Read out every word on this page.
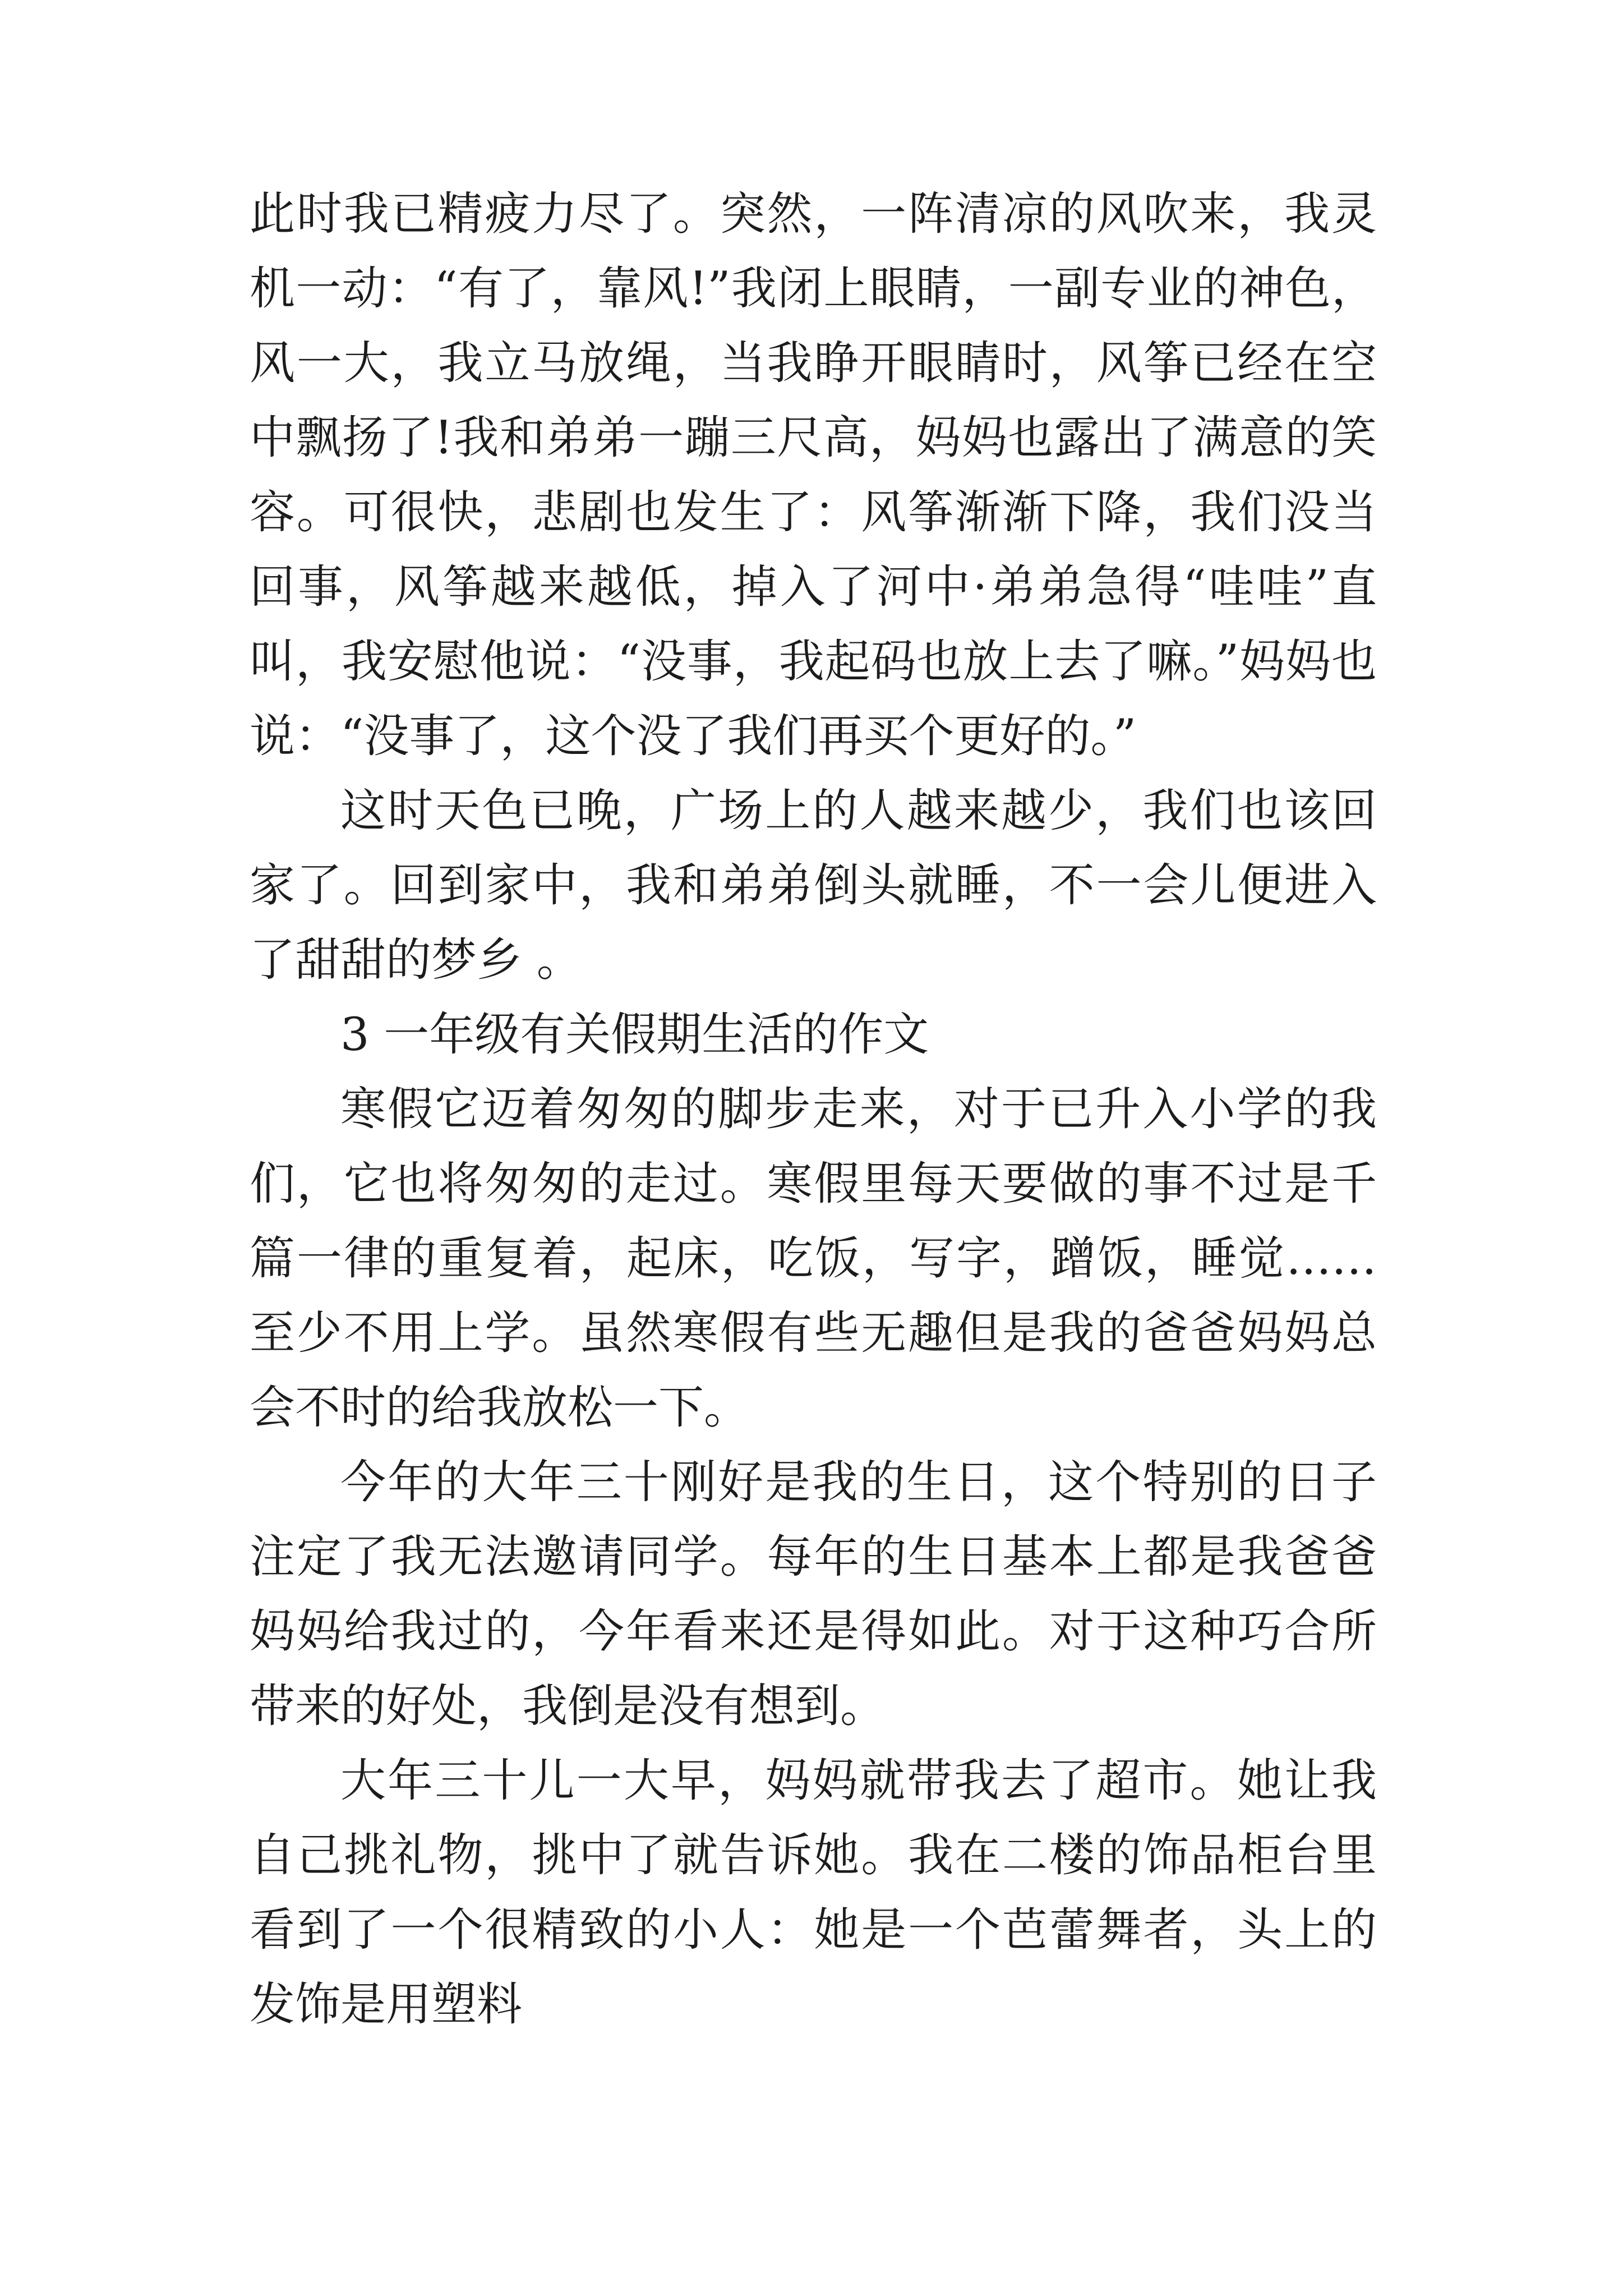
此时我已精疲力尽了。突然，一阵清凉的风吹来，我灵机一动：“有了，靠风!”我闭上眼睛，一副专业的神色，风一大，我立马放绳，当我睁开眼睛时，风筝已经在空中飘扬了!我和弟弟一蹦三尺高，妈妈也露出了满意的笑容。可很快，悲剧也发生了：风筝渐渐下降，我们没当回事，风筝越来越低，掉入了河中·弟弟急得“哇哇”直叫，我安慰他说：“没事，我起码也放上去了嘛。”妈妈也说：“没事了，这个没了我们再买个更好的。”

这时天色已晚，广场上的人越来越少，我们也该回家了。回到家中，我和弟弟倒头就睡，不一会儿便进入了甜甜的梦乡 。

3 一年级有关假期生活的作文

寒假它迈着匆匆的脚步走来，对于已升入小学的我们，它也将匆匆的走过。寒假里每天要做的事不过是千篇一律的重复着，起床，吃饭，写字，蹭饭，睡觉……至少不用上学。虽然寒假有些无趣但是我的爸爸妈妈总会不时的给我放松一下。

今年的大年三十刚好是我的生日，这个特别的日子注定了我无法邀请同学。每年的生日基本上都是我爸爸妈妈给我过的，今年看来还是得如此。对于这种巧合所带来的好处，我倒是没有想到。

大年三十儿一大早，妈妈就带我去了超市。她让我自己挑礼物，挑中了就告诉她。我在二楼的饰品柜台里看到了一个很精致的小人：她是一个芭蕾舞者，头上的发饰是用塑料
